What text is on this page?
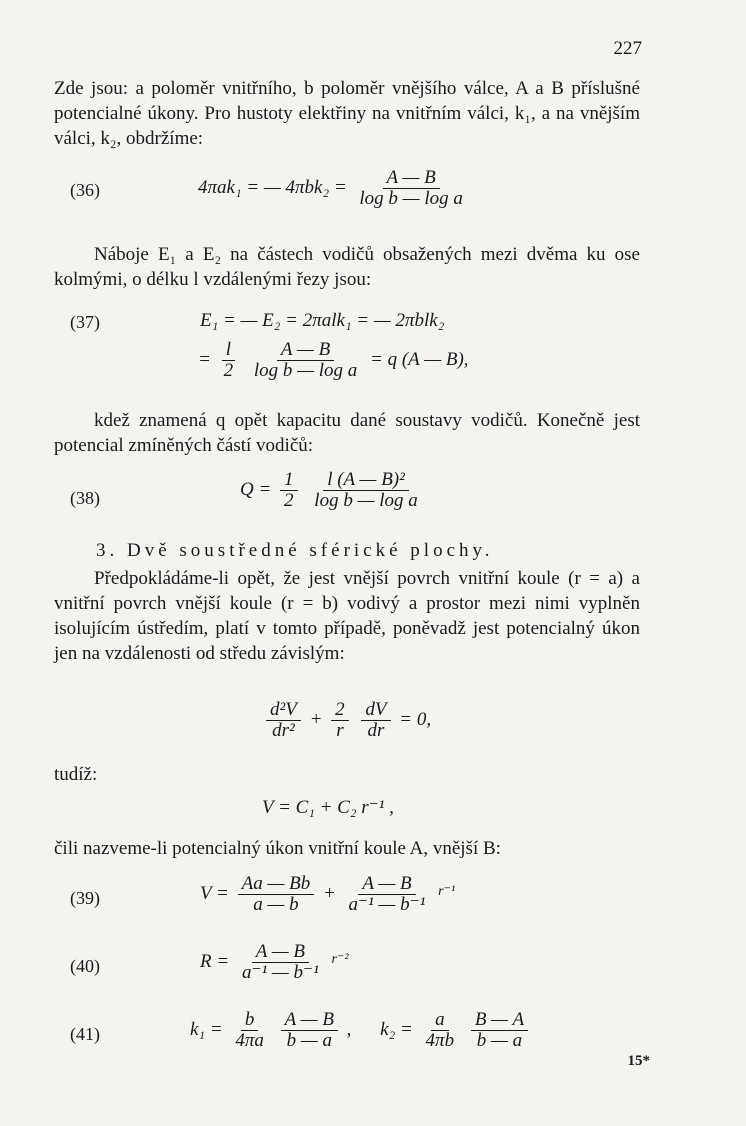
227

Zde jsou: a poloměr vnitřního, b poloměr vnějšího válce, A a B příslušné potencialné úkony. Pro hustoty elektřiny na vnitřním válci, k₁, a na vnějším válci, k₂, obdržíme:

(36)	4πak₁ = — $4\pi bk_2 = \frac{A — B}{\text{log b — log a}}$

Náboje E₁ a E₂ na částech vodičů obsažených mezi dvěma ku ose kolmými, o délku l vzdálenými řezy jsou:

(37)	E₁ = — E₂ = 2πalk₁ = — 2πblk₂
= $\frac{l}{2}$
$\frac{A — B}{\text{log b — log a}} = q$ (A — B),

kdež znamená q opět kapacitu dané soustavy vodičů. Konečně jest potencial zmíněných částí vodičů:

(38)	$Q = \frac{1}{2}$
$\frac{\text{l (A — B)²}}{\text{log b — log a}}$
3. Dvě soustředné sférické plochy.

Předpokládáme-li opět, že jest vnější povrch vnitřní koule (r = a) a vnitřní povrch vnější koule (r = b) vodivý a prostor mezi nimi vyplněn isolujícím ústředím, platí v tomto případě, poněvadž jest potencialný úkon jen na vzdálenosti od středu závislým:

$\frac{\text{d²V}}{\text{dr²}} + \frac{2}{r}$
$\frac{dV}{dr} = 0$,

tudíž:

V = C₁ + C₂ r⁻¹ ,

čili nazveme-li potencialný úkon vnitřní koule A, vnější B:

(39)	$V = \frac{Aa — Bb}{a — b} + \frac{A — B}{\text{a⁻¹ — b⁻¹}} ^{r^{-1}}$
(40)	$R = \frac{A — B}{\text{a⁻¹ — b⁻¹}} ^{r^{-2}}$
(41)	$k_1 = \frac{b}{4\pi a}$
$\frac{A — B}{b — a}$ , $k_2 = \frac{a}{4\pi b}$
$\frac{B — A}{b — a}$
15*
